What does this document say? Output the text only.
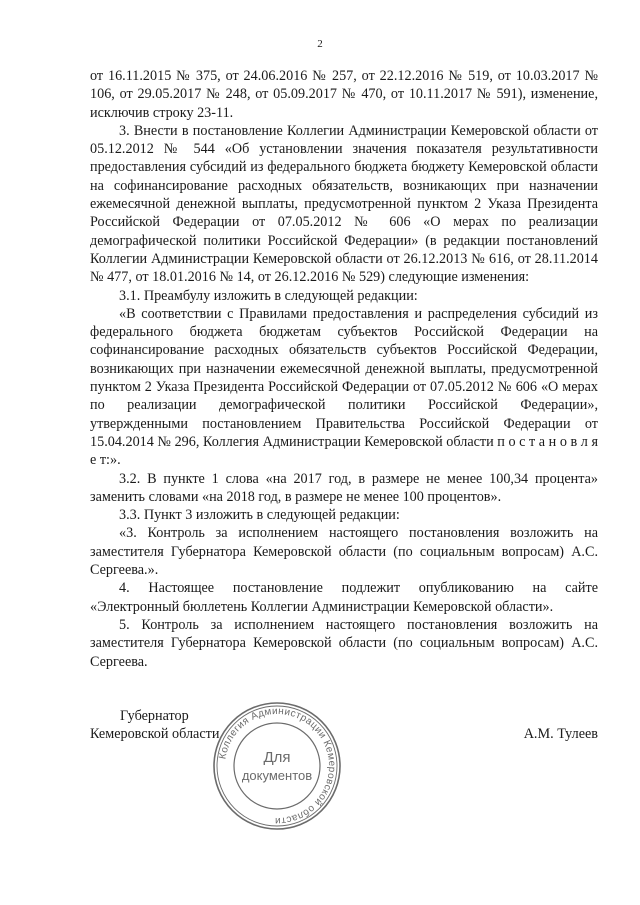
2

от 16.11.2015 № 375, от 24.06.2016 № 257, от 22.12.2016 № 519, от 10.03.2017 № 106, от 29.05.2017 № 248, от 05.09.2017 № 470, от 10.11.2017 № 591), изменение, исключив строку 23-11.

3. Внести в постановление Коллегии Администрации Кемеровской области от 05.12.2012 № 544 «Об установлении значения показателя результативности предоставления субсидий из федерального бюджета бюджету Кемеровской области на софинансирование расходных обязательств, возникающих при назначении ежемесячной денежной выплаты, предусмотренной пунктом 2 Указа Президента Российской Федерации от 07.05.2012 № 606 «О мерах по реализации демографической политики Российской Федерации» (в редакции постановлений Коллегии Администрации Кемеровской области от 26.12.2013 № 616, от 28.11.2014 № 477, от 18.01.2016 № 14, от 26.12.2016 № 529) следующие изменения:

3.1. Преамбулу изложить в следующей редакции:

«В соответствии с Правилами предоставления и распределения субсидий из федерального бюджета бюджетам субъектов Российской Федерации на софинансирование расходных обязательств субъектов Российской Федерации, возникающих при назначении ежемесячной денежной выплаты, предусмотренной пунктом 2 Указа Президента Российской Федерации от 07.05.2012 № 606 «О мерах по реализации демографической политики Российской Федерации», утвержденными постановлением Правительства Российской Федерации от 15.04.2014 № 296, Коллегия Администрации Кемеровской области п о с т а н о в л я е т:».

3.2. В пункте 1 слова «на 2017 год, в размере не менее 100,34 процента» заменить словами «на 2018 год, в размере не менее 100 процентов».

3.3. Пункт 3 изложить в следующей редакции:

«3. Контроль за исполнением настоящего постановления возложить на заместителя Губернатора Кемеровской области (по социальным вопросам) А.С. Сергеева.».

4. Настоящее постановление подлежит опубликованию на сайте «Электронный бюллетень Коллегии Администрации Кемеровской области».

5. Контроль за исполнением настоящего постановления возложить на заместителя Губернатора Кемеровской области (по социальным вопросам) А.С. Сергеева.

Губернатор
Кемеровской области	А.М. Тулеев
Коллегия Администрации Кемеровской области
Для
документов
